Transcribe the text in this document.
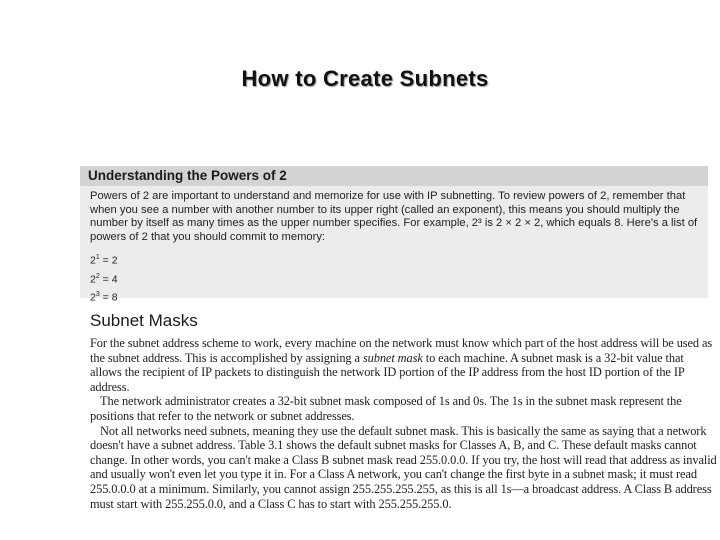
How to Create Subnets
Understanding the Powers of 2

Powers of 2 are important to understand and memorize for use with IP subnetting. To review powers of 2, remember that when you see a number with another number to its upper right (called an exponent), this means you should multiply the number by itself as many times as the upper number specifies. For example, 2³ is 2 × 2 × 2, which equals 8. Here's a list of powers of 2 that you should commit to memory:

$2^1 = 2$
$2^2 = 4$
$2^3 = 8$
Subnet Masks

For the subnet address scheme to work, every machine on the network must know which part of the host address will be used as the subnet address. This is accomplished by assigning a subnet mask to each machine. A subnet mask is a 32-bit value that allows the recipient of IP packets to distinguish the network ID portion of the IP address from the host ID portion of the IP address.

The network administrator creates a 32-bit subnet mask composed of 1s and 0s. The 1s in the subnet mask represent the positions that refer to the network or subnet addresses.

Not all networks need subnets, meaning they use the default subnet mask. This is basically the same as saying that a network doesn't have a subnet address. Table 3.1 shows the default subnet masks for Classes A, B, and C. These default masks cannot change. In other words, you can't make a Class B subnet mask read 255.0.0.0. If you try, the host will read that address as invalid and usually won't even let you type it in. For a Class A network, you can't change the first byte in a subnet mask; it must read 255.0.0.0 at a minimum. Similarly, you cannot assign 255.255.255.255, as this is all 1s—a broadcast address. A Class B address must start with 255.255.0.0, and a Class C has to start with 255.255.255.0.
